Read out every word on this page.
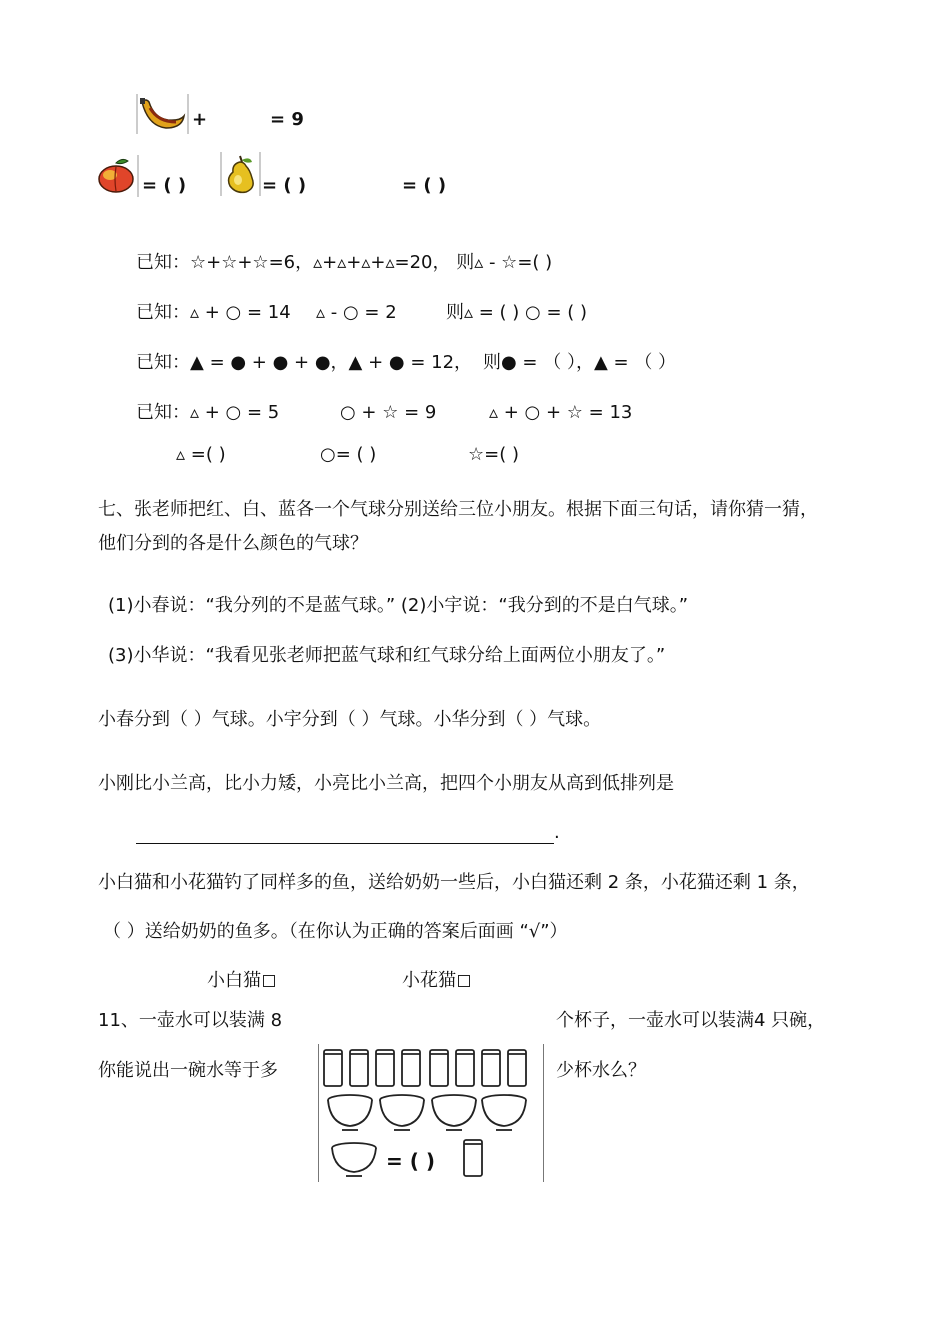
+	= 9
= ( )	= ( )	= ( )
已知：☆+☆+☆=6，▵+▵+▵+▵=20， 则▵ - ☆=( )
已知：▵ + ○ = 14 ▵ - ○ = 2	则▵ = ( ) ○ = ( )
已知：▲ = ● + ● + ●，▲ + ● = 12， 则● = （ ），▲ = （ ）
已知：▵ + ○ = 5	○ + ☆ = 9	▵ + ○ + ☆ = 13
▵ =( )	○= ( )	☆=( )
七、张老师把红、白、蓝各一个气球分别送给三位小朋友。根据下面三句话，请你猜一猜，
他们分到的各是什么颜色的气球？
(1)小春说：“我分列的不是蓝气球。” (2)小宇说：“我分到的不是白气球。”
(3)小华说：“我看见张老师把蓝气球和红气球分给上面两位小朋友了。”
小春分到（ ）气球。小宇分到（ ）气球。小华分到（ ）气球。
小刚比小兰高，比小力矮，小亮比小兰高，把四个小朋友从高到低排列是
.
小白猫和小花猫钓了同样多的鱼，送给奶奶一些后，小白猫还剩 2 条，小花猫还剩 1 条，
（ ）送给奶奶的鱼多。（在你认为正确的答案后面画 “√”）
小白猫	小花猫
11、一壶水可以装满 8	个杯子，一壶水可以装满4 只碗，
你能说出一碗水等于多	少杯水么？
= ( )
